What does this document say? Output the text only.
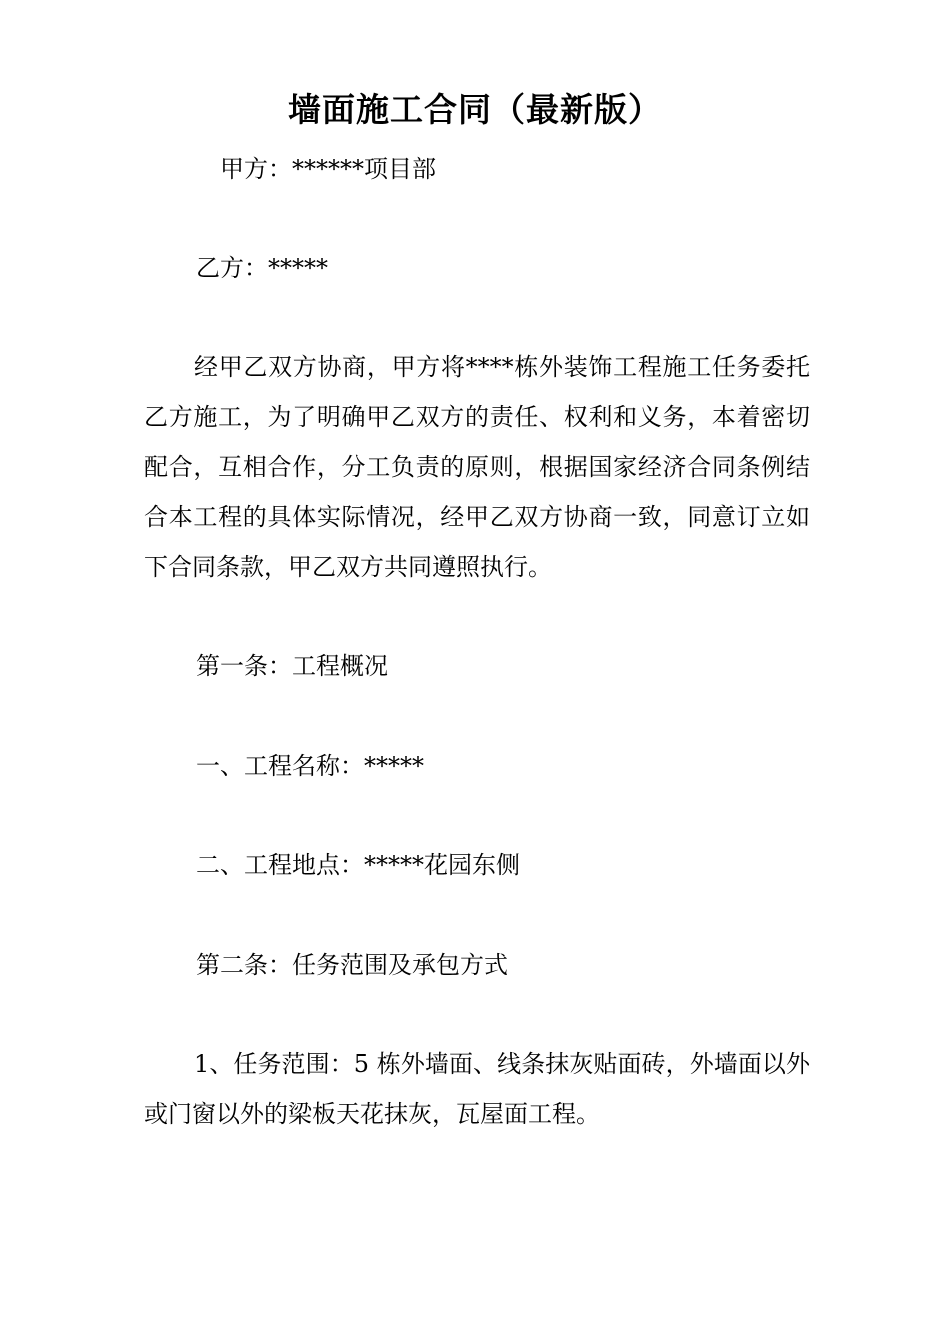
墙面施工合同（最新版）
甲方：******项目部
乙方：*****
经甲乙双方协商，甲方将****栋外装饰工程施工任务委托乙方施工，为了明确甲乙双方的责任、权利和义务，本着密切配合，互相合作，分工负责的原则，根据国家经济合同条例结合本工程的具体实际情况，经甲乙双方协商一致，同意订立如下合同条款，甲乙双方共同遵照执行。
第一条：工程概况
一、工程名称：*****
二、工程地点：*****花园东侧
第二条：任务范围及承包方式
1、任务范围：5 栋外墙面、线条抹灰贴面砖，外墙面以外或门窗以外的梁板天花抹灰，瓦屋面工程。
